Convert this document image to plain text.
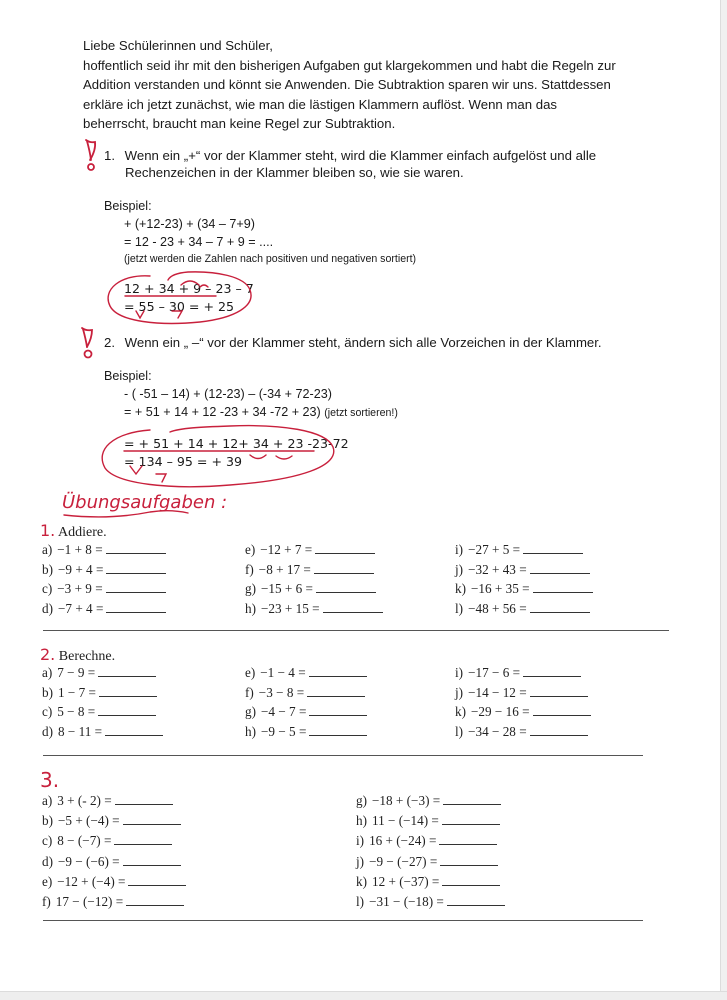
Liebe Schülerinnen und Schüler,
hoffentlich seid ihr mit den bisherigen Aufgaben gut klargekommen und habt die Regeln zur
Addition verstanden und könnt sie Anwenden. Die Subtraktion sparen wir uns. Stattdessen
erkläre ich jetzt zunächst, wie man die lästigen Klammern auflöst. Wenn man das
beherrscht, braucht man keine Regel zur Subtraktion.
1. Wenn ein „+“ vor der Klammer steht, wird die Klammer einfach aufgelöst und alle
Rechenzeichen in der Klammer bleiben so, wie sie waren.
Beispiel:
+ (+12-23) + (34 – 7+9)
= 12 - 23 + 34 – 7 + 9 = ....
(jetzt werden die Zahlen nach positiven und negativen sortiert)
12 + 34 + 9 – 23 – 7
= 55 – 30 = + 25
2. Wenn ein „ –“ vor der Klammer steht, ändern sich alle Vorzeichen in der Klammer.
Beispiel:
- ( -51 – 14) + (12-23) – (-34 + 72-23)
= + 51 + 14 + 12 -23 + 34 -72 + 23) (jetzt sortieren!)
= + 51 + 14 + 12+ 34 + 23 -23-72
= 134 – 95 = + 39
Übungsaufgaben :
1. Addiere.
a) −1 + 8 =
b) −9 + 4 =
c) −3 + 9 =
d) −7 + 4 =
e) −12 + 7 =
f) −8 + 17 =
g) −15 + 6 =
h) −23 + 15 =
i) −27 + 5 =
j) −32 + 43 =
k) −16 + 35 =
l) −48 + 56 =
2. Berechne.
a) 7 − 9 =
b) 1 − 7 =
c) 5 − 8 =
d) 8 − 11 =
e) −1 − 4 =
f) −3 − 8 =
g) −4 − 7 =
h) −9 − 5 =
i) −17 − 6 =
j) −14 − 12 =
k) −29 − 16 =
l) −34 − 28 =
3.
a) 3 + (- 2) =
b) −5 + (−4) =
c) 8 − (−7) =
d) −9 − (−6) =
e) −12 + (−4) =
f) 17 − (−12) =
g) −18 + (−3) =
h) 11 − (−14) =
i) 16 + (−24) =
j) −9 − (−27) =
k) 12 + (−37) =
l) −31 − (−18) =
